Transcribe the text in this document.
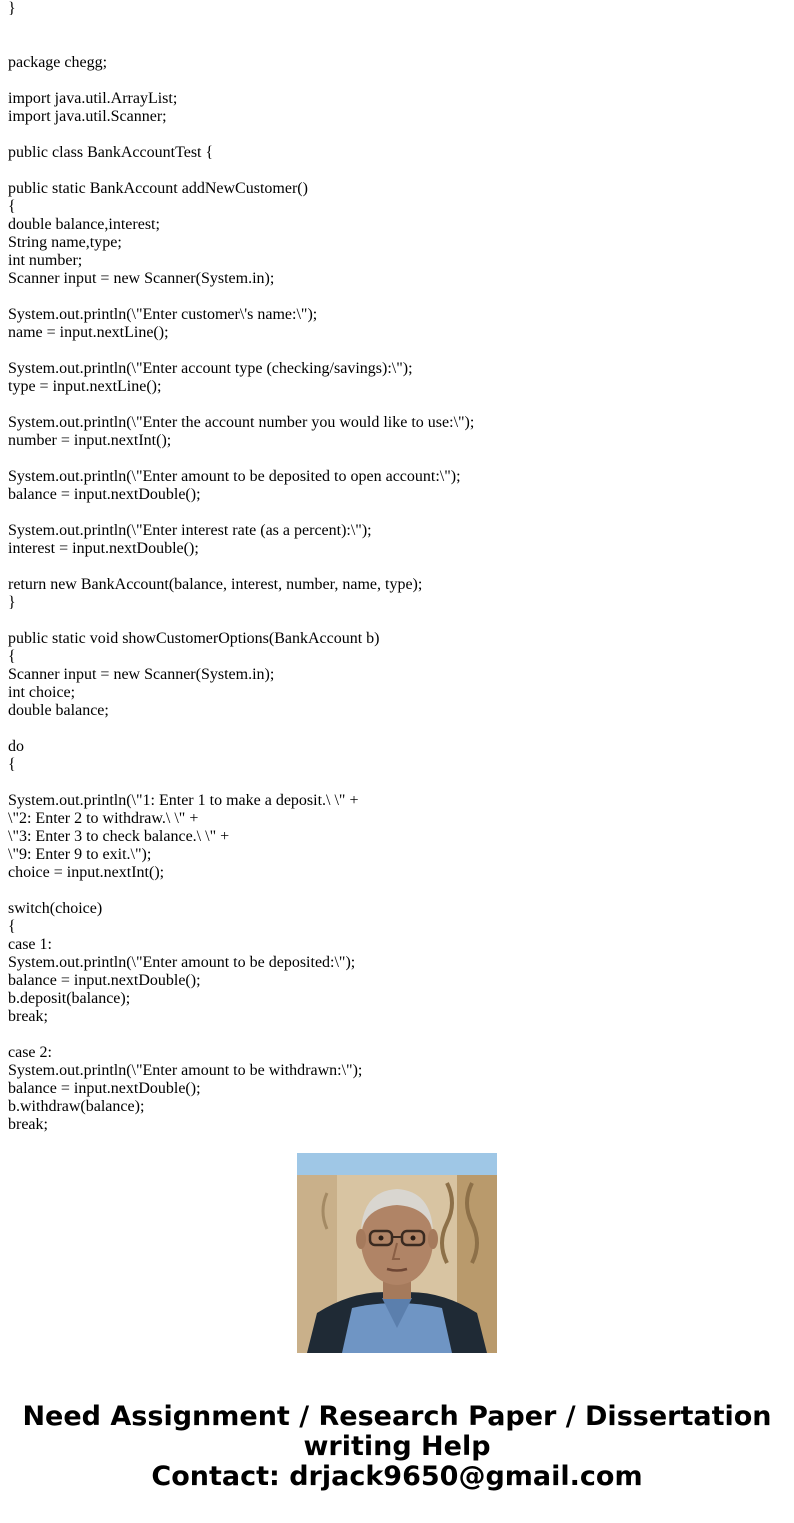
}
package chegg;
import java.util.ArrayList;
import java.util.Scanner;
public class BankAccountTest {
public static BankAccount addNewCustomer()
{
double balance,interest;
String name,type;
int number;
Scanner input = new Scanner(System.in);
System.out.println(\"Enter customer\'s name:\");
name = input.nextLine();
System.out.println(\"Enter account type (checking/savings):\");
type = input.nextLine();
System.out.println(\"Enter the account number you would like to use:\");
number = input.nextInt();
System.out.println(\"Enter amount to be deposited to open account:\");
balance = input.nextDouble();
System.out.println(\"Enter interest rate (as a percent):\");
interest = input.nextDouble();
return new BankAccount(balance, interest, number, name, type);
}
public static void showCustomerOptions(BankAccount b)
{
Scanner input = new Scanner(System.in);
int choice;
double balance;
do
{
System.out.println(\"1: Enter 1 to make a deposit.\ \" +
\"2: Enter 2 to withdraw.\ \" +
\"3: Enter 3 to check balance.\ \" +
\"9: Enter 9 to exit.\");
choice = input.nextInt();
switch(choice)
{
case 1:
System.out.println(\"Enter amount to be deposited:\");
balance = input.nextDouble();
b.deposit(balance);
break;
case 2:
System.out.println(\"Enter amount to be withdrawn:\");
balance = input.nextDouble();
b.withdraw(balance);
break;
Need Assignment / Research Paper / Dissertation
writing Help
Contact: drjack9650@gmail.com
